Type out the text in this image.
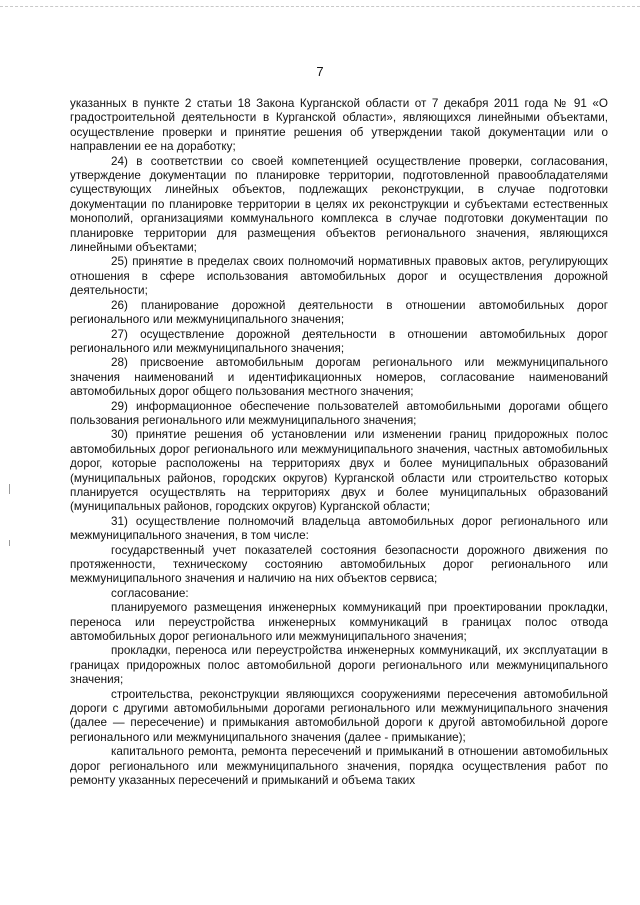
7

указанных в пункте 2 статьи 18 Закона Курганской области от 7 декабря 2011 года № 91 «О градостроительной деятельности в Курганской области», являющихся линейными объектами, осуществление проверки и принятие решения об утверждении такой документации или о направлении ее на доработку;

24) в соответствии со своей компетенцией осуществление проверки, согласования, утверждение документации по планировке территории, подготовленной правообладателями существующих линейных объектов, подлежащих реконструкции, в случае подготовки документации по планировке территории в целях их реконструкции и субъектами естественных монополий, организациями коммунального комплекса в случае подготовки документации по планировке территории для размещения объектов регионального значения, являющихся линейными объектами;

25) принятие в пределах своих полномочий нормативных правовых актов, регулирующих отношения в сфере использования автомобильных дорог и осуществления дорожной деятельности;

26) планирование дорожной деятельности в отношении автомобильных дорог регионального или межмуниципального значения;

27) осуществление дорожной деятельности в отношении автомобильных дорог регионального или межмуниципального значения;

28) присвоение автомобильным дорогам регионального или межмуниципального значения наименований и идентификационных номеров, согласование наименований автомобильных дорог общего пользования местного значения;

29) информационное обеспечение пользователей автомобильными дорогами общего пользования регионального или межмуниципального значения;

30) принятие решения об установлении или изменении границ придорожных полос автомобильных дорог регионального или межмуниципального значения, частных автомобильных дорог, которые расположены на территориях двух и более муниципальных образований (муниципальных районов, городских округов) Курганской области или строительство которых планируется осуществлять на территориях двух и более муниципальных образований (муниципальных районов, городских округов) Курганской области;

31) осуществление полномочий владельца автомобильных дорог регионального или межмуниципального значения, в том числе:

государственный учет показателей состояния безопасности дорожного движения по протяженности, техническому состоянию автомобильных дорог регионального или межмуниципального значения и наличию на них объектов сервиса;

согласование:

планируемого размещения инженерных коммуникаций при проектировании прокладки, переноса или переустройства инженерных коммуникаций в границах полос отвода автомобильных дорог регионального или межмуниципального значения;

прокладки, переноса или переустройства инженерных коммуникаций, их эксплуатации в границах придорожных полос автомобильной дороги регионального или межмуниципального значения;

строительства, реконструкции являющихся сооружениями пересечения автомобильной дороги с другими автомобильными дорогами регионального или межмуниципального значения (далее — пересечение) и примыкания автомобильной дороги к другой автомобильной дороге регионального или межмуниципального значения (далее - примыкание);

капитального ремонта, ремонта пересечений и примыканий в отношении автомобильных дорог регионального или межмуниципального значения, порядка осуществления работ по ремонту указанных пересечений и примыканий и объема таких
